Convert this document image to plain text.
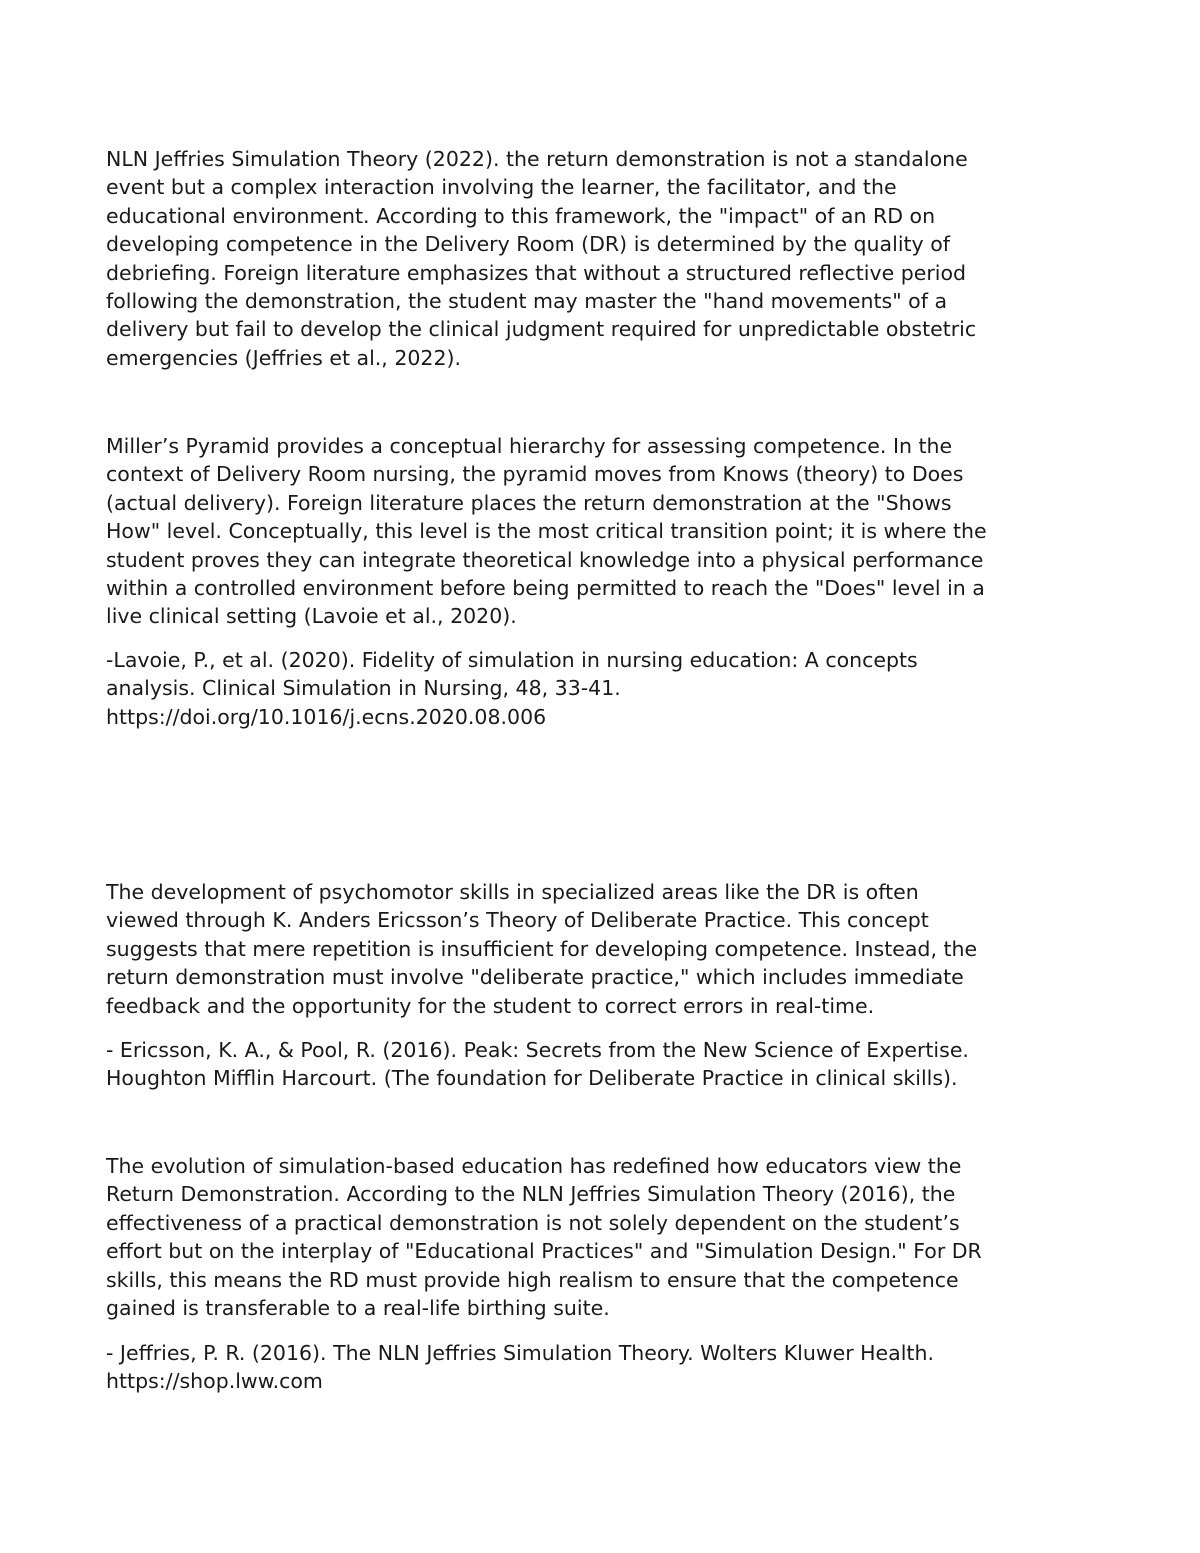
NLN Jeffries Simulation Theory (2022). the return demonstration is not a standalone
event but a complex interaction involving the learner, the facilitator, and the
educational environment. According to this framework, the "impact" of an RD on
developing competence in the Delivery Room (DR) is determined by the quality of
debriefing. Foreign literature emphasizes that without a structured reflective period
following the demonstration, the student may master the "hand movements" of a
delivery but fail to develop the clinical judgment required for unpredictable obstetric
emergencies (Jeffries et al., 2022).

Miller’s Pyramid provides a conceptual hierarchy for assessing competence. In the
context of Delivery Room nursing, the pyramid moves from Knows (theory) to Does
(actual delivery). Foreign literature places the return demonstration at the "Shows
How" level. Conceptually, this level is the most critical transition point; it is where the
student proves they can integrate theoretical knowledge into a physical performance
within a controlled environment before being permitted to reach the "Does" level in a
live clinical setting (Lavoie et al., 2020).

-Lavoie, P., et al. (2020). Fidelity of simulation in nursing education: A concepts
analysis. Clinical Simulation in Nursing, 48, 33-41.
https://doi.org/10.1016/j.ecns.2020.08.006

The development of psychomotor skills in specialized areas like the DR is often
viewed through K. Anders Ericsson’s Theory of Deliberate Practice. This concept
suggests that mere repetition is insufficient for developing competence. Instead, the
return demonstration must involve "deliberate practice," which includes immediate
feedback and the opportunity for the student to correct errors in real-time.

- Ericsson, K. A., & Pool, R. (2016). Peak: Secrets from the New Science of Expertise.
Houghton Mifflin Harcourt. (The foundation for Deliberate Practice in clinical skills).

The evolution of simulation-based education has redefined how educators view the
Return Demonstration. According to the NLN Jeffries Simulation Theory (2016), the
effectiveness of a practical demonstration is not solely dependent on the student’s
effort but on the interplay of "Educational Practices" and "Simulation Design." For DR
skills, this means the RD must provide high realism to ensure that the competence
gained is transferable to a real-life birthing suite.

- Jeffries, P. R. (2016). The NLN Jeffries Simulation Theory. Wolters Kluwer Health.
https://shop.lww.com
